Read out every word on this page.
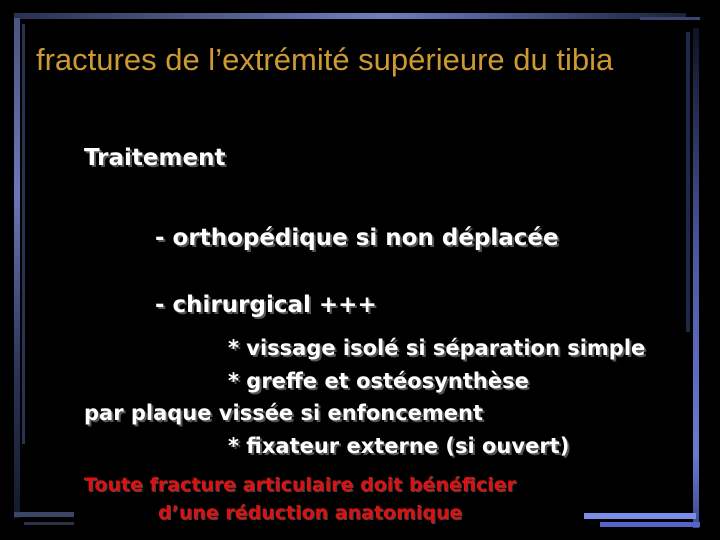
fractures de l’extrémité supérieure du tibia
Traitement
- orthopédique si non déplacée
- chirurgical +++
* vissage isolé si séparation simple
* greffe et ostéosynthèse
par plaque vissée si enfoncement
* fixateur externe (si ouvert)
Toute fracture articulaire doit bénéficier
d’une réduction anatomique
